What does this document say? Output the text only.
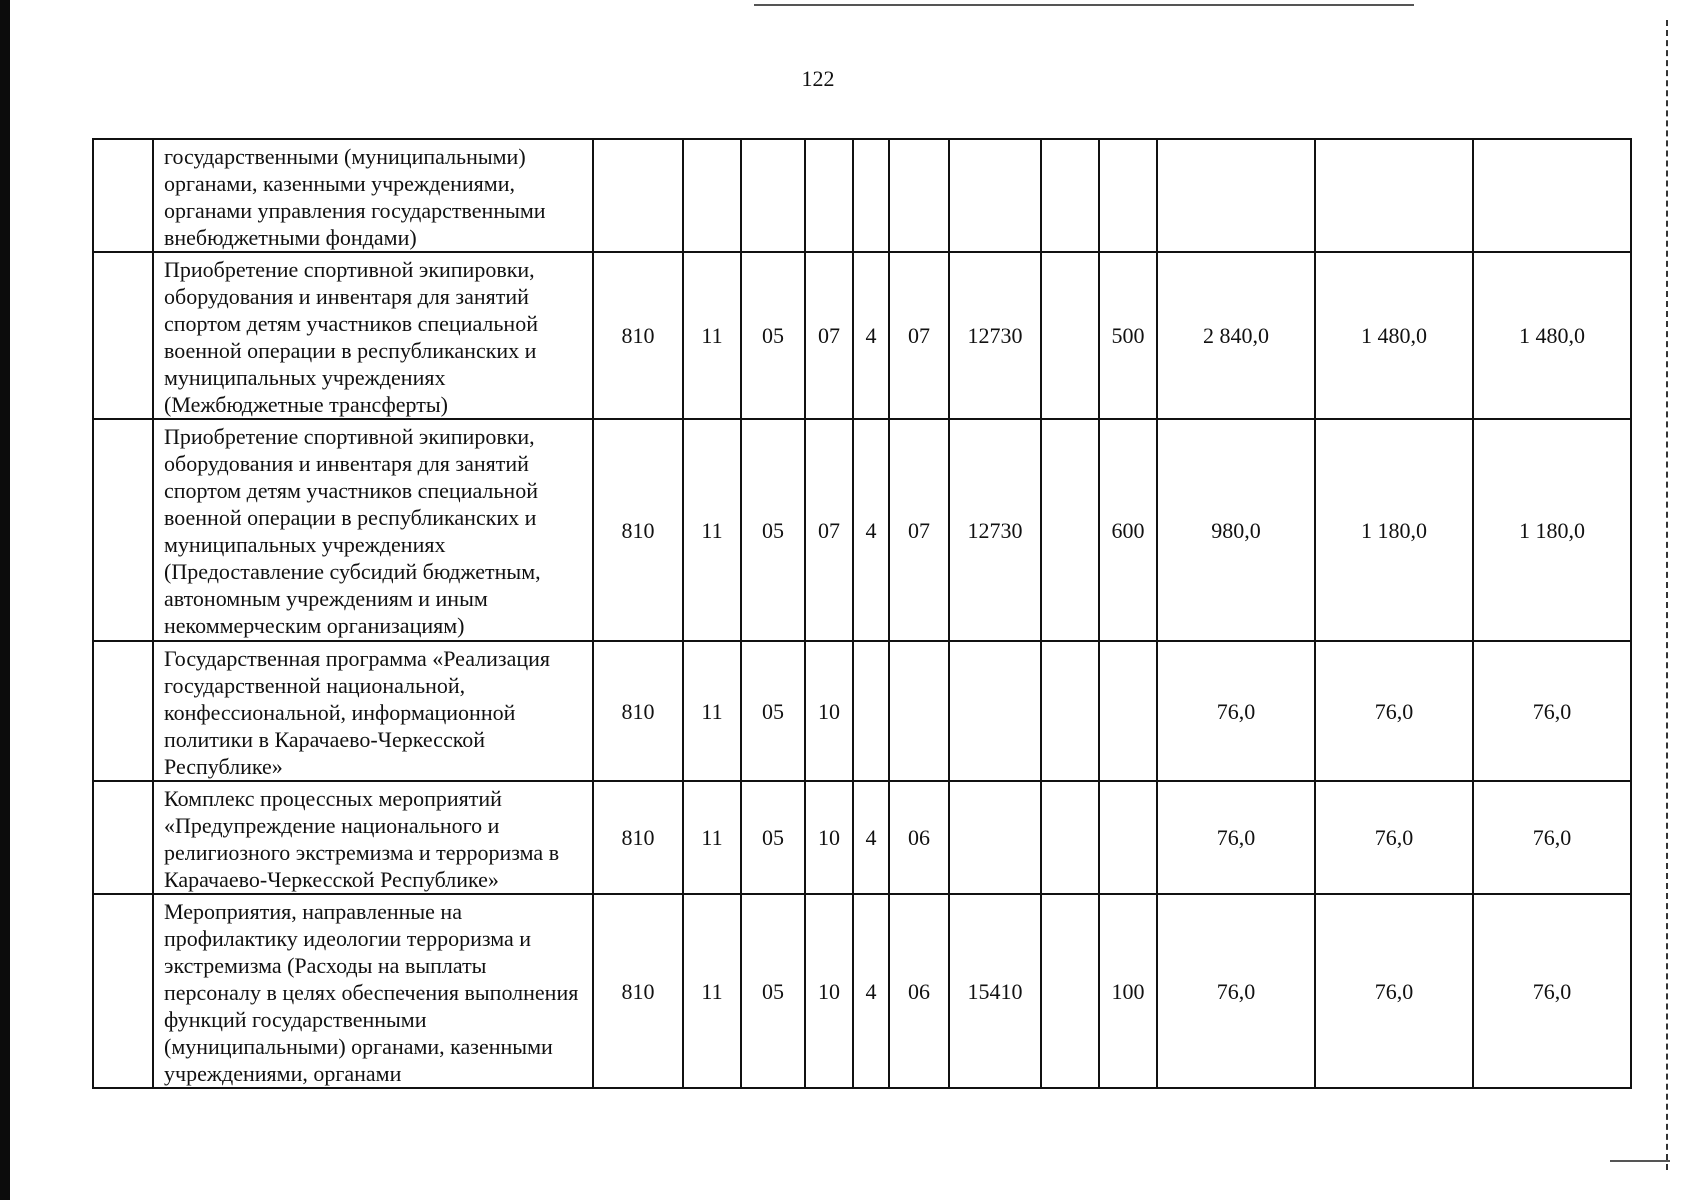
122
	государственными (муниципальными) органами, казенными учреждениями, органами управления государственными внебюджетными фондами)												
	Приобретение спортивной экипировки, оборудования и инвентаря для занятий спортом детям участников специальной военной операции в республиканских и муниципальных учреждениях (Межбюджетные трансферты)	810	11	05	07	4	07	12730		500	2 840,0	1 480,0	1 480,0
	Приобретение спортивной экипировки, оборудования и инвентаря для занятий спортом детям участников специальной военной операции в республиканских и муниципальных учреждениях (Предоставление субсидий бюджетным, автономным учреждениям и иным некоммерческим организациям)	810	11	05	07	4	07	12730		600	980,0	1 180,0	1 180,0
	Государственная программа «Реализация государственной национальной, конфессиональной, информационной политики в Карачаево-Черкесской Республике»	810	11	05	10						76,0	76,0	76,0
	Комплекс процессных мероприятий «Предупреждение национального и религиозного экстремизма и терроризма в Карачаево-Черкесской Республике»	810	11	05	10	4	06				76,0	76,0	76,0
	Мероприятия, направленные на профилактику идеологии терроризма и экстремизма (Расходы на выплаты персоналу в целях обеспечения выполнения функций государственными (муниципальными) органами, казенными учреждениями, органами	810	11	05	10	4	06	15410		100	76,0	76,0	76,0
